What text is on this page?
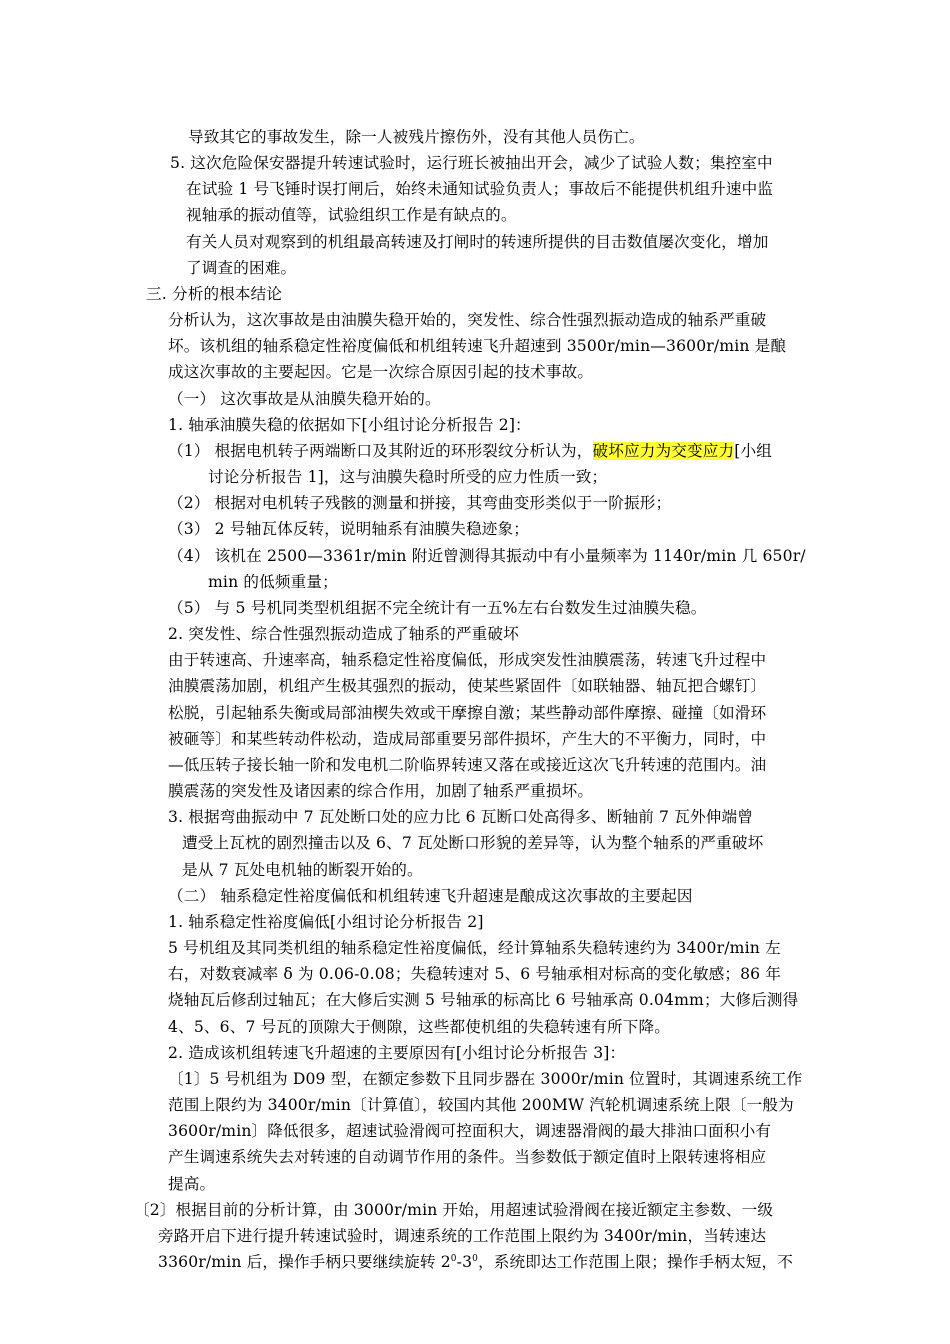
导致其它的事故发生，除一人被残片擦伤外，没有其他人员伤亡。
5. 这次危险保安器提升转速试验时，运行班长被抽出开会，减少了试验人数；集控室中
在试验 1 号飞锤时误打闸后，始终未通知试验负责人；事故后不能提供机组升速中监
视轴承的振动值等，试验组织工作是有缺点的。
有关人员对观察到的机组最高转速及打闸时的转速所提供的目击数值屡次变化，增加
了调查的困难。
三. 分析的根本结论
分析认为，这次事故是由油膜失稳开始的，突发性、综合性强烈振动造成的轴系严重破
坏。该机组的轴系稳定性裕度偏低和机组转速飞升超速到 3500r/min—3600r/min 是酿
成这次事故的主要起因。它是一次综合原因引起的技术事故。
（一） 这次事故是从油膜失稳开始的。
1. 轴承油膜失稳的依据如下[小组讨论分析报告 2]：
（1） 根据电机转子两端断口及其附近的环形裂纹分析认为，破坏应力为交变应力[小组
讨论分析报告 1]，这与油膜失稳时所受的应力性质一致；
（2） 根据对电机转子残骸的测量和拼接，其弯曲变形类似于一阶振形；
（3） 2 号轴瓦体反转，说明轴系有油膜失稳迹象；
（4） 该机在 2500—3361r/min 附近曾测得其振动中有小量频率为 1140r/min 几 650r/
min 的低频重量；
（5） 与 5 号机同类型机组据不完全统计有一五%左右台数发生过油膜失稳。
2. 突发性、综合性强烈振动造成了轴系的严重破坏
由于转速高、升速率高，轴系稳定性裕度偏低，形成突发性油膜震荡，转速飞升过程中
油膜震荡加剧，机组产生极其强烈的振动，使某些紧固件〔如联轴器、轴瓦把合螺钉〕
松脱，引起轴系失衡或局部油楔失效或干摩擦自激；某些静动部件摩擦、碰撞〔如滑环
被砸等〕和某些转动件松动，造成局部重要另部件损坏，产生大的不平衡力，同时，中
—低压转子接长轴一阶和发电机二阶临界转速又落在或接近这次飞升转速的范围内。油
膜震荡的突发性及诸因素的综合作用，加剧了轴系严重损坏。
3. 根据弯曲振动中 7 瓦处断口处的应力比 6 瓦断口处高得多、断轴前 7 瓦外伸端曾
遭受上瓦枕的剧烈撞击以及 6、7 瓦处断口形貌的差异等，认为整个轴系的严重破坏
是从 7 瓦处电机轴的断裂开始的。
（二） 轴系稳定性裕度偏低和机组转速飞升超速是酿成这次事故的主要起因
1. 轴系稳定性裕度偏低[小组讨论分析报告 2]
5 号机组及其同类机组的轴系稳定性裕度偏低，经计算轴系失稳转速约为 3400r/min 左
右，对数衰减率 δ 为 0.06-0.08；失稳转速对 5、6 号轴承相对标高的变化敏感；86 年
烧轴瓦后修刮过轴瓦；在大修后实测 5 号轴承的标高比 6 号轴承高 0.04mm；大修后测得
4、5、6、7 号瓦的顶隙大于侧隙，这些都使机组的失稳转速有所下降。
2. 造成该机组转速飞升超速的主要原因有[小组讨论分析报告 3]：
〔1〕5 号机组为 D09 型，在额定参数下且同步器在 3000r/min 位置时，其调速系统工作
范围上限约为 3400r/min〔计算值〕，较国内其他 200MW 汽轮机调速系统上限〔一般为
3600r/min〕降低很多，超速试验滑阀可控面积大，调速器滑阀的最大排油口面积小有
产生调速系统失去对转速的自动调节作用的条件。当参数低于额定值时上限转速将相应
提高。
〔2〕根据目前的分析计算，由 3000r/min 开始，用超速试验滑阀在接近额定主参数、一级
旁路开启下进行提升转速试验时，调速系统的工作范围上限约为 3400r/min，当转速达
3360r/min 后，操作手柄只要继续旋转 $2^0-3^0$，系统即达工作范围上限；操作手柄太短，不
